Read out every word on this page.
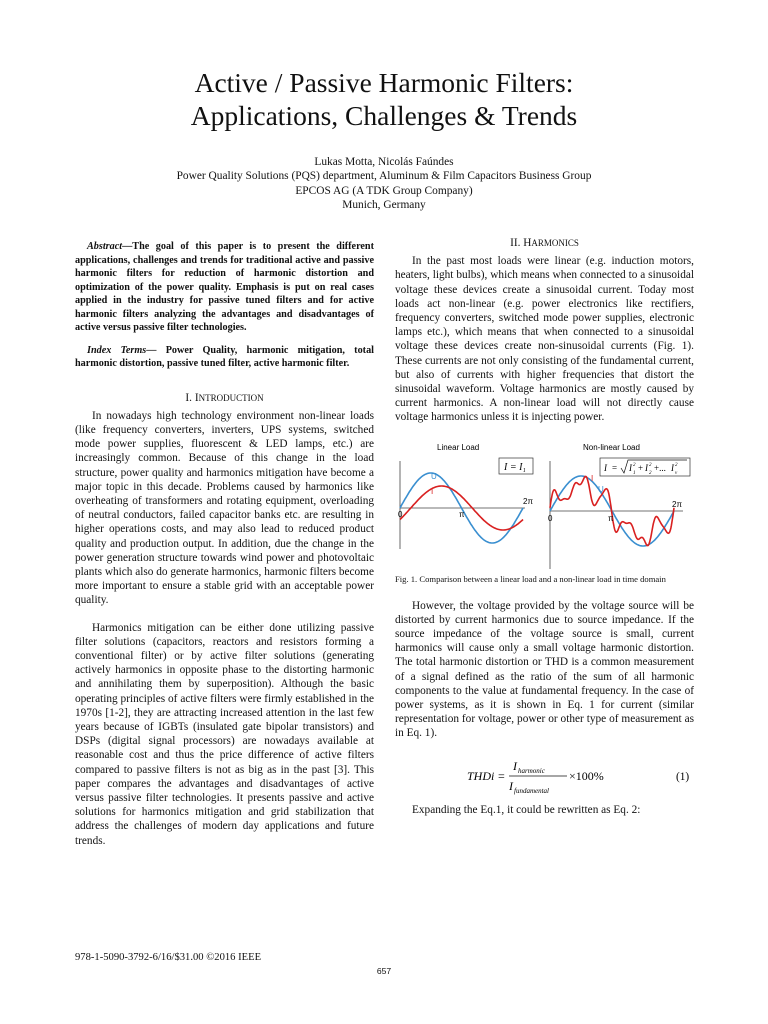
Active / Passive Harmonic Filters:
Applications, Challenges & Trends
Lukas Motta, Nicolás Faúndes
Power Quality Solutions (PQS) department, Aluminum & Film Capacitors Business Group
EPCOS AG (A TDK Group Company)
Munich, Germany

Abstract—The goal of this paper is to present the different applications, challenges and trends for traditional active and passive harmonic filters for reduction of harmonic distortion and optimization of the power quality. Emphasis is put on real cases applied in the industry for passive tuned filters and for active harmonic filters analyzing the advantages and disadvantages of active versus passive filter technologies.

Index Terms— Power Quality, harmonic mitigation, total harmonic distortion, passive tuned filter, active harmonic filter.

I. INTRODUCTION

In nowadays high technology environment non-linear loads (like frequency converters, inverters, UPS systems, switched mode power supplies, fluorescent & LED lamps, etc.) are increasingly common. Because of this change in the load structure, power quality and harmonics mitigation have become a major topic in this decade. Problems caused by harmonics like overheating of transformers and rotating equipment, overloading of neutral conductors, failed capacitor banks etc. are resulting in higher operations costs, and may also lead to reduced product quality and production output. In addition, due the change in the power generation structure towards wind power and photovoltaic plants which also do generate harmonics, harmonic filters become more important to ensure a stable grid with an acceptable power quality.

Harmonics mitigation can be either done utilizing passive filter solutions (capacitors, reactors and resistors forming a conventional filter) or by active filter solutions (generating actively harmonics in opposite phase to the distorting harmonic and annihilating them by superposition). Although the basic operating principles of active filters were firmly established in the 1970s [1-2], they are attracting increased attention in the last few years because of IGBTs (insulated gate bipolar transistors) and DSPs (digital signal processors) are nowadays available at reasonable cost and thus the price difference of active filters compared to passive filters is not as big as in the past [3]. This paper compares the advantages and disadvantages of active versus passive filter technologies. It presents passive and active solutions for harmonics mitigation and grid stabilization that address the challenges of modern day applications and future trends.

II. HARMONICS

In the past most loads were linear (e.g. induction motors, heaters, light bulbs), which means when connected to a sinusoidal voltage these devices create a sinusoidal current. Today most loads act non-linear (e.g. power electronics like rectifiers, frequency converters, switched mode power supplies, electronic lamps etc.), which means that when connected to a sinusoidal voltage these devices create non-sinusoidal currents (Fig. 1). These currents are not only consisting of the fundamental current, but also of currents with higher frequencies that distort the sinusoidal waveform. Voltage harmonics are mostly caused by current harmonics. A non-linear load will not directly cause voltage harmonics unless it is injecting power.

Linear Load
I = I₁
U
I
0	π
2π
Non-linear Load
I = I
1
2 + I
2
2 +... I
v
2
I
U
0	π
2π

Fig. 1. Comparison between a linear load and a non-linear load in time domain

However, the voltage provided by the voltage source will be distorted by current harmonics due to source impedance. If the source impedance of the voltage source is small, current harmonics will cause only a small voltage harmonic distortion. The total harmonic distortion or THD is a common measurement of a signal defined as the ratio of the sum of all harmonic components to the value at fundamental frequency. In the case of power systems, as it is shown in Eq. 1 for current (similar representation for voltage, power or other type of measurement as in Eq. 1).

THDi =
I harmonic
I fundamental
×100%	(1)

Expanding the Eq.1, it could be rewritten as Eq. 2:

978-1-5090-3792-6/16/$31.00 ©2016 IEEE
657
